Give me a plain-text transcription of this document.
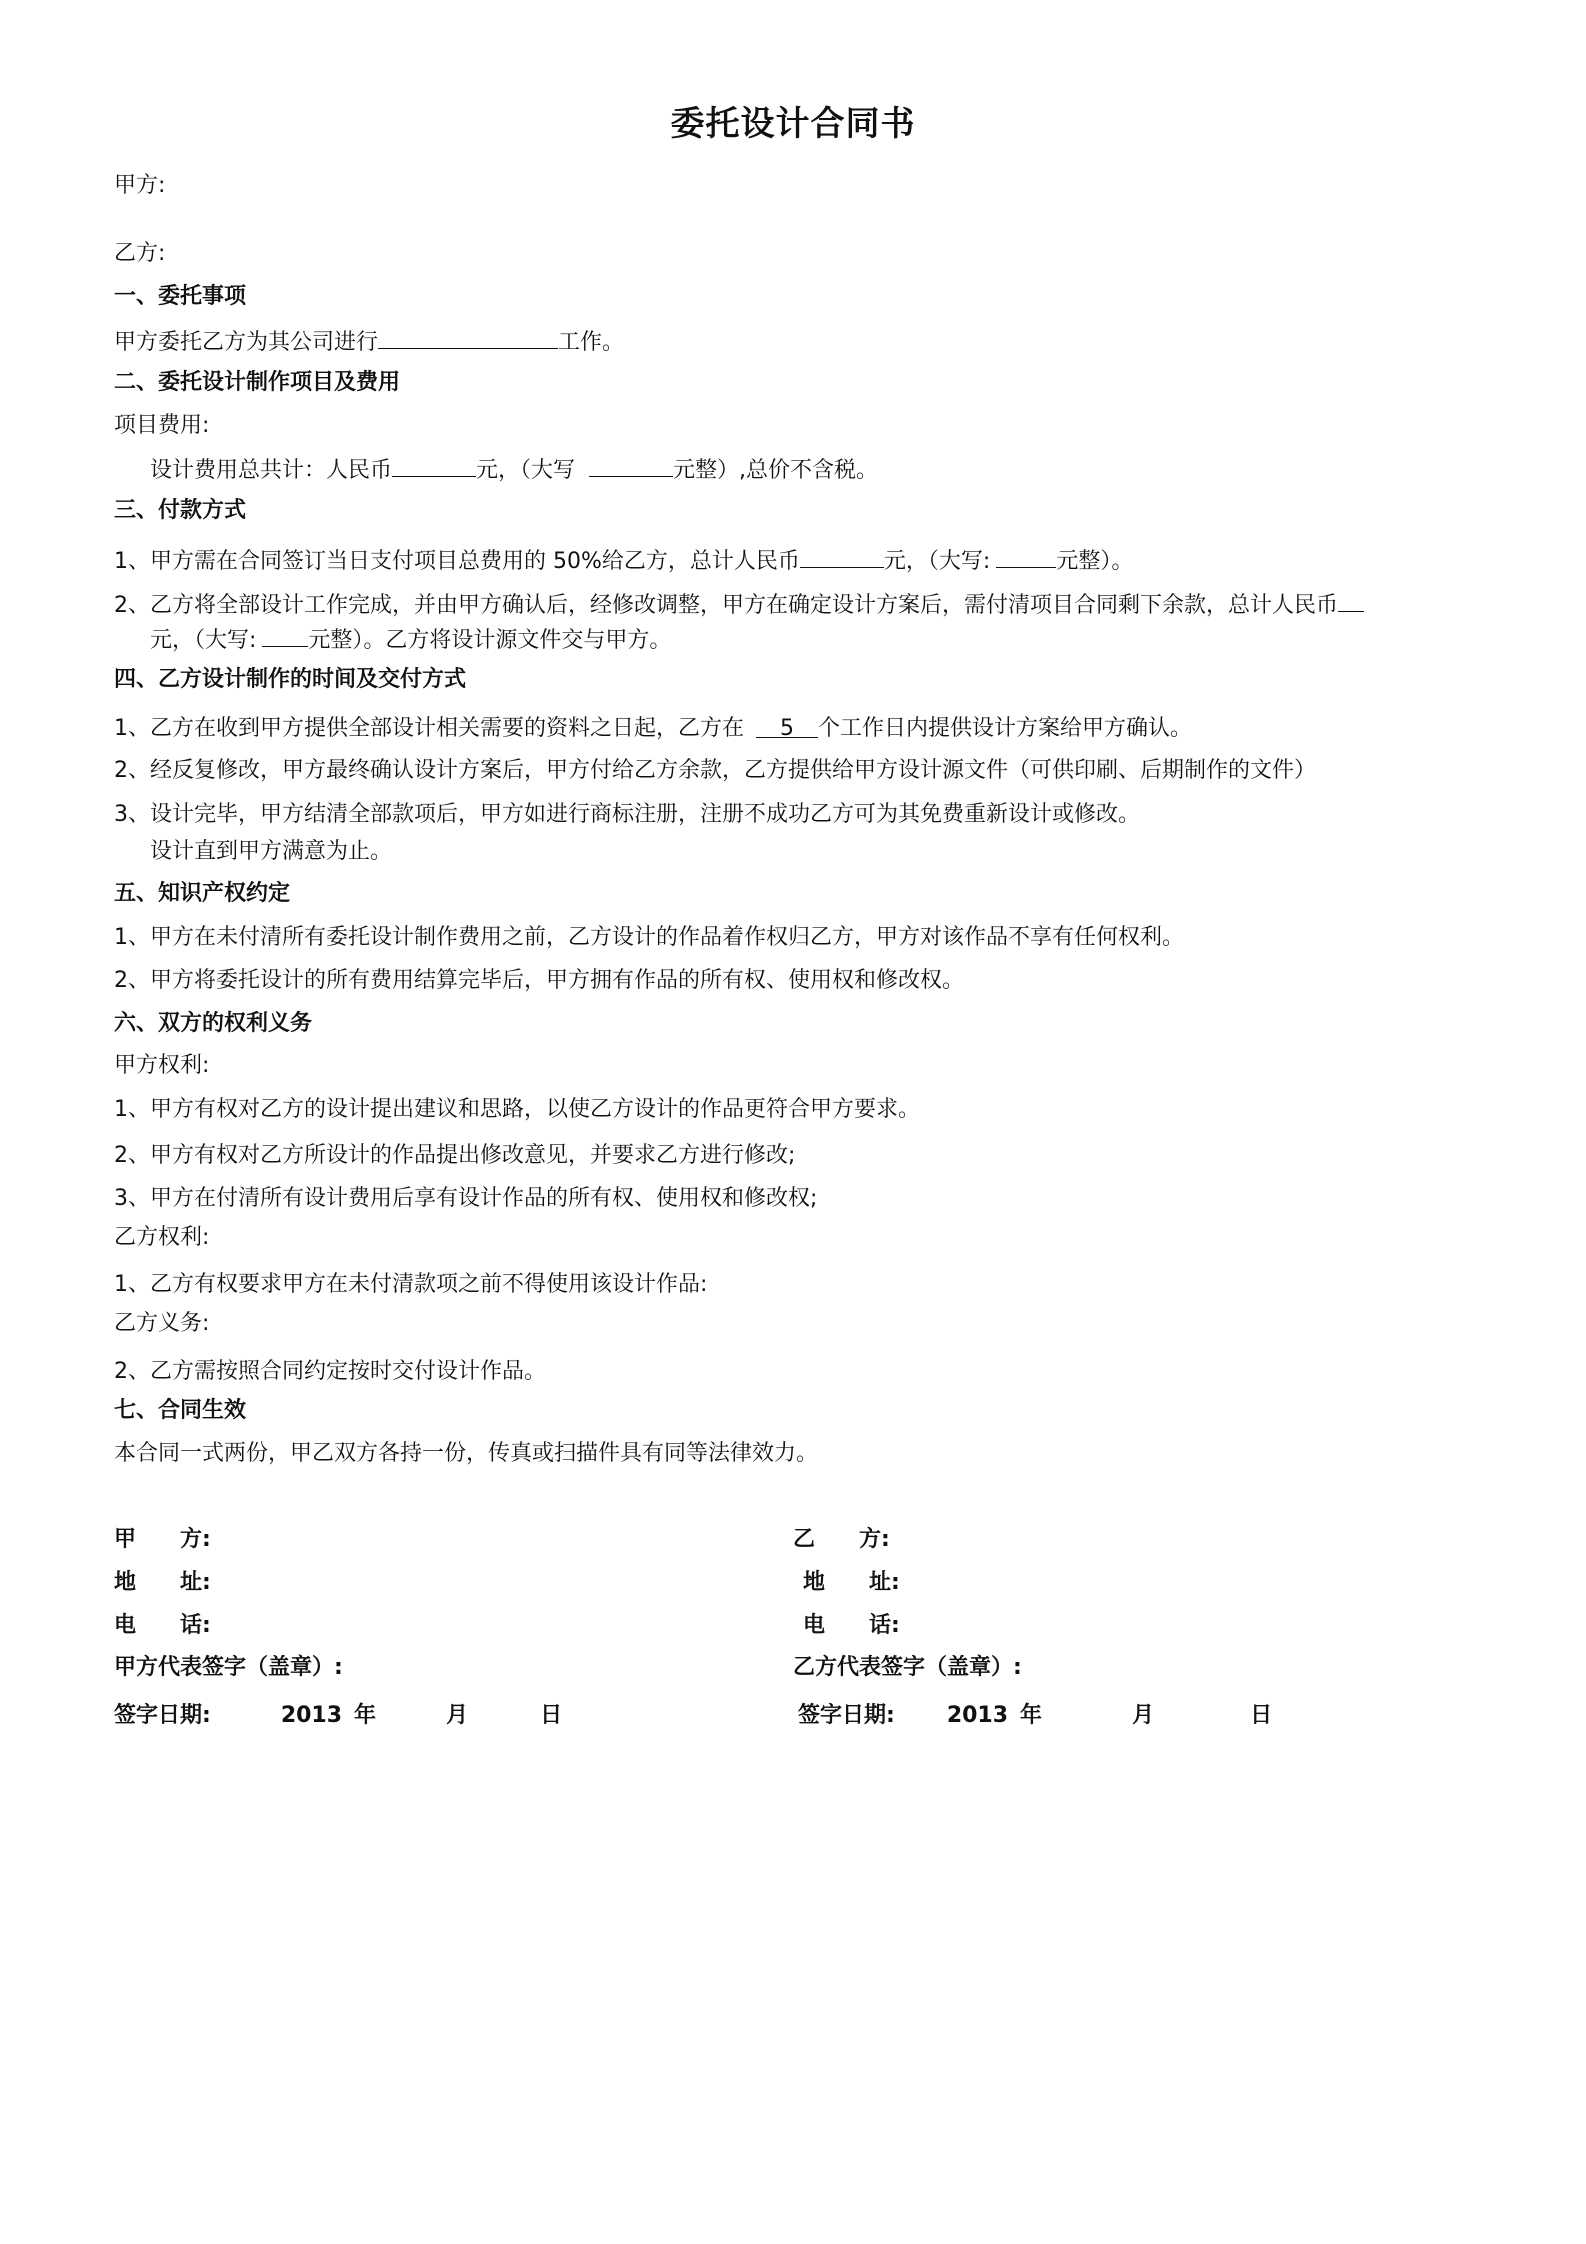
委托设计合同书
甲方:
乙方:
一、委托事项
甲方委托乙方为其公司进行	工作。
二、委托设计制作项目及费用
项目费用:
设计费用总共计：人民币	元，（大写	元整）,总价不含税。
三、付款方式
1、甲方需在合同签订当日支付项目总费用的 50%给乙方，总计人民币	元，（大写:	元整）。
2、乙方将全部设计工作完成，并由甲方确认后，经修改调整，甲方在确定设计方案后，需付清项目合同剩下余款，总计人民币
元，（大写: 元整）。乙方将设计源文件交与甲方。
四、乙方设计制作的时间及交付方式
1、乙方在收到甲方提供全部设计相关需要的资料之日起，乙方在 5 个工作日内提供设计方案给甲方确认。
2、经反复修改，甲方最终确认设计方案后，甲方付给乙方余款，乙方提供给甲方设计源文件（可供印刷、后期制作的文件）
3、设计完毕，甲方结清全部款项后，甲方如进行商标注册，注册不成功乙方可为其免费重新设计或修改。
设计直到甲方满意为止。
五、知识产权约定
1、甲方在未付清所有委托设计制作费用之前，乙方设计的作品着作权归乙方，甲方对该作品不享有任何权利。
2、甲方将委托设计的所有费用结算完毕后，甲方拥有作品的所有权、使用权和修改权。
六、双方的权利义务
甲方权利:
1、甲方有权对乙方的设计提出建议和思路，以使乙方设计的作品更符合甲方要求。
2、甲方有权对乙方所设计的作品提出修改意见，并要求乙方进行修改;
3、甲方在付清所有设计费用后享有设计作品的所有权、使用权和修改权;
乙方权利:
1、乙方有权要求甲方在未付清款项之前不得使用该设计作品:
乙方义务:
2、乙方需按照合同约定按时交付设计作品。
七、合同生效
本合同一式两份，甲乙双方各持一份，传真或扫描件具有同等法律效力。
甲 方:
地 址:
电 话:
甲方代表签字（盖章）:
签字日期:	2013 年	月	日
乙 方:
地 址:
电 话:
乙方代表签字（盖章）:
签字日期: 2013 年	月	日
